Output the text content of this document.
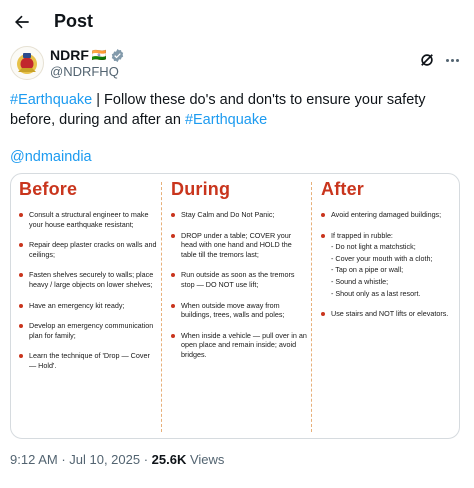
Post
NDRF 🇮🇳
@NDRFHQ
#Earthquake | Follow these do's and don'ts to ensure your safety before, during and after an #Earthquake
@ndmaindia
Before
Consult a structural engineer to make your house earthquake resistant;
Repair deep plaster cracks on walls and ceilings;
Fasten shelves securely to walls; place heavy / large objects on lower shelves;
Have an emergency kit ready;
Develop an emergency communication plan for family;
Learn the technique of 'Drop — Cover — Hold'.
During
Stay Calm and Do Not Panic;
DROP under a table; COVER your head with one hand and HOLD the table till the tremors last;
Run outside as soon as the tremors stop — DO NOT use lift;
When outside move away from buildings, trees, walls and poles;
When inside a vehicle — pull over in an open place and remain inside; avoid bridges.
After
Avoid entering damaged buildings;
If trapped in rubble:
- Do not light a matchstick;
- Cover your mouth with a cloth;
- Tap on a pipe or wall;
- Sound a whistle;
- Shout only as a last resort.
Use stairs and NOT lifts or elevators.
9:12 AM · Jul 10, 2025 · 25.6K Views
